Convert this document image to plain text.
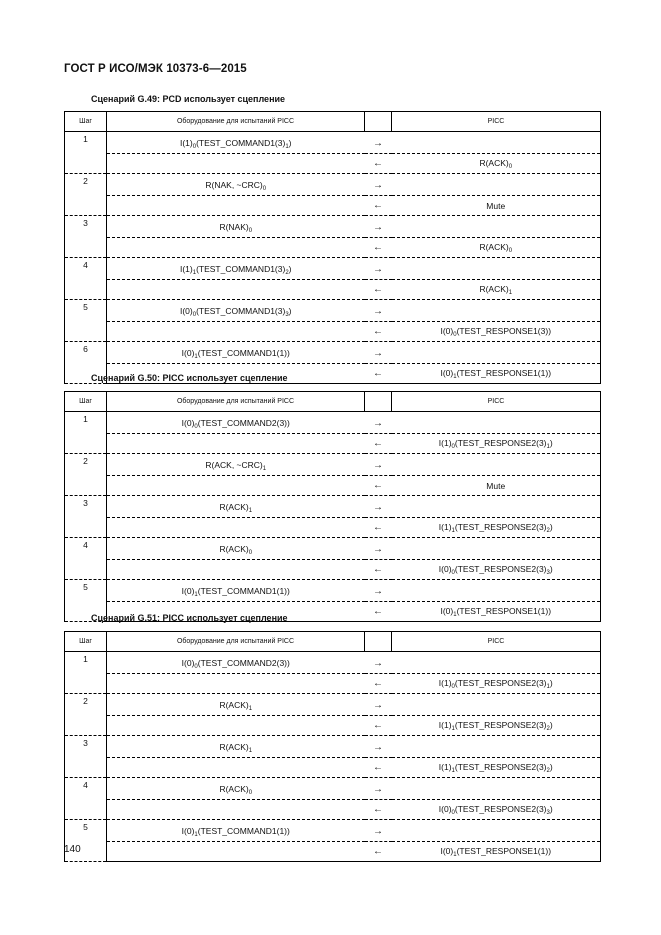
ГОСТ Р ИСО/МЭК 10373-6—2015
Сценарий G.49: PCD использует сцепление
Шаг	Оборудование для испытаний PICC		PICC
1	$I(1)_0(TEST\_COMMAND1(3)_1)$	→	
		←	$R(ACK)_0$
2	R(NAK, $\sim CRC)_0$	→	
		←	Mute
3	$R(NAK)_0$	→	
		←	$R(ACK)_0$
4	$I(1)_1(TEST\_COMMAND1(3)_2)$	→	
		←	$R(ACK)_1$
5	$I(0)_0(TEST\_COMMAND1(3)_3)$	→	
		←	$I(0)_0(TEST\_RESPONSE1(3))$
6	$I(0)_1(TEST\_COMMAND1(1))$	→	
		←	$I(0)_1(TEST\_RESPONSE1(1))$
Сценарий G.50: PICC использует сцепление
Шаг	Оборудование для испытаний PICC		PICC
1	$I(0)_0(TEST\_COMMAND2(3))$	→	
		←	$I(1)_0(TEST\_RESPONSE2(3)_1)$
2	R(ACK, $\sim CRC)_1$	→	
		←	Mute
3	$R(ACK)_1$	→	
		←	$I(1)_1(TEST\_RESPONSE2(3)_2)$
4	$R(ACK)_0$	→	
		←	$I(0)_0(TEST\_RESPONSE2(3)_3)$
5	$I(0)_1(TEST\_COMMAND1(1))$	→	
		←	$I(0)_1(TEST\_RESPONSE1(1))$
Сценарий G.51: PICC использует сцепление
Шаг	Оборудование для испытаний PICC		PICC
1	$I(0)_0(TEST\_COMMAND2(3))$	→	
		←	$I(1)_0(TEST\_RESPONSE2(3)_1)$
2	$R(ACK)_1$	→	
		←	$I(1)_1(TEST\_RESPONSE2(3)_2)$
3	$R(ACK)_1$	→	
		←	$I(1)_1(TEST\_RESPONSE2(3)_2)$
4	$R(ACK)_0$	→	
		←	$I(0)_0(TEST\_RESPONSE2(3)_3)$
5	$I(0)_1(TEST\_COMMAND1(1))$	→	
		←	$I(0)_1(TEST\_RESPONSE1(1))$
140
